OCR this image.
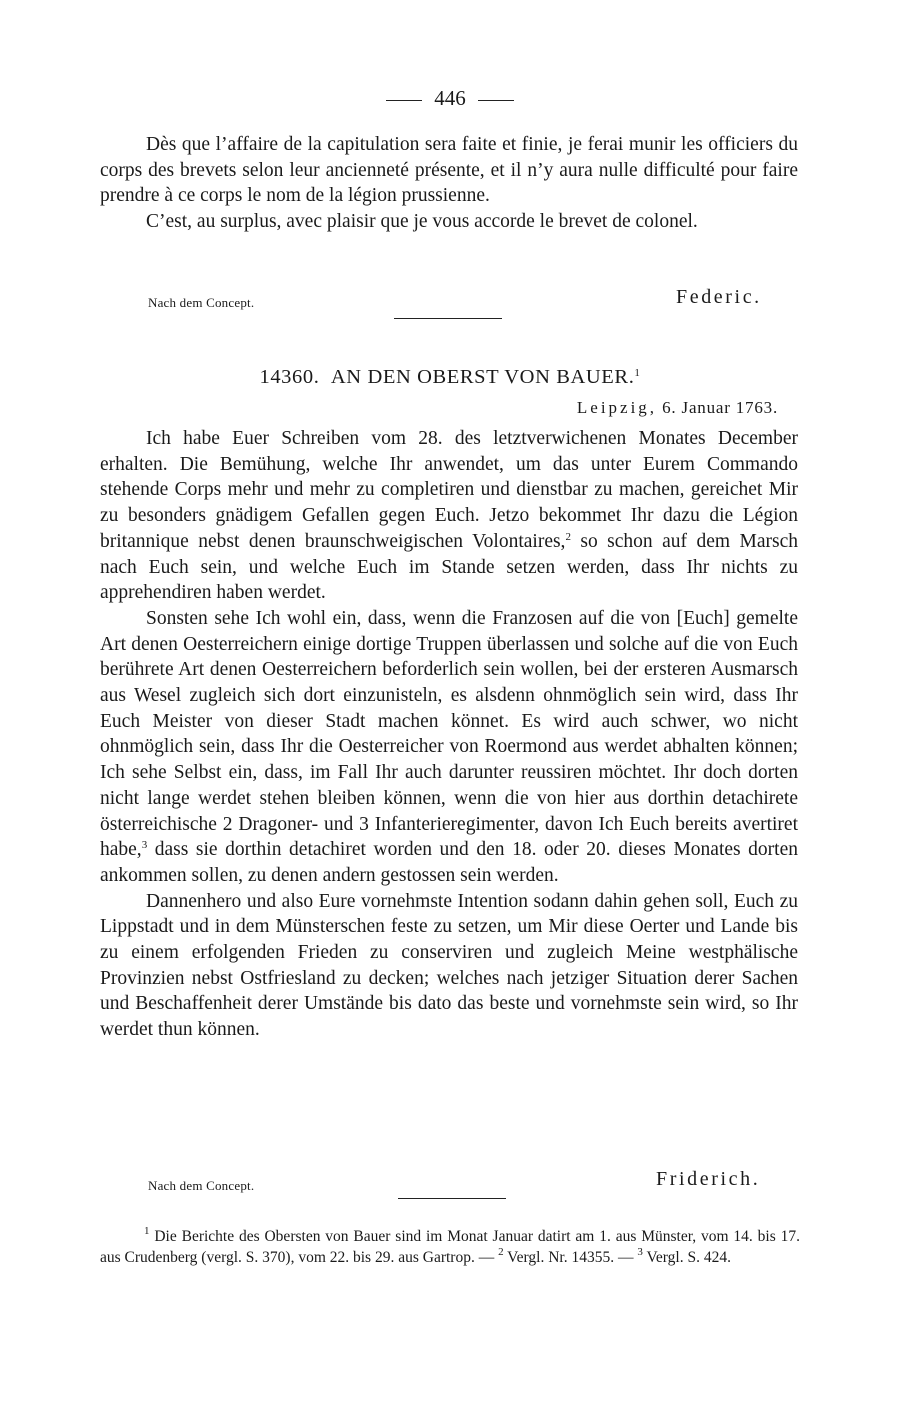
446

Dès que l’affaire de la capitulation sera faite et finie, je ferai munir les officiers du corps des brevets selon leur ancienneté présente, et il n’y aura nulle difficulté pour faire prendre à ce corps le nom de la légion prussienne.

C’est, au surplus, avec plaisir que je vous accorde le brevet de colonel.

Nach dem Concept.	Federic.
14360. AN DEN OBERST VON BAUER.$^1$
Leipzig, 6. Januar 1763.

Ich habe Euer Schreiben vom 28. des letztverwichenen Monates December erhalten. Die Bemühung, welche Ihr anwendet, um das unter Eurem Commando stehende Corps mehr und mehr zu completiren und dienstbar zu machen, gereichet Mir zu besonders gnädigem Gefallen gegen Euch. Jetzo bekommet Ihr dazu die Légion britannique nebst denen braunschweigischen Volontaires,$^2$ so schon auf dem Marsch nach Euch sein, und welche Euch im Stande setzen werden, dass Ihr nichts zu apprehendiren haben werdet.

Sonsten sehe Ich wohl ein, dass, wenn die Franzosen auf die von [Euch] gemelte Art denen Oesterreichern einige dortige Truppen überlassen und solche auf die von Euch berührete Art denen Oesterreichern beforderlich sein wollen, bei der ersteren Ausmarsch aus Wesel zugleich sich dort einzunisteln, es alsdenn ohnmöglich sein wird, dass Ihr Euch Meister von dieser Stadt machen könnet. Es wird auch schwer, wo nicht ohnmöglich sein, dass Ihr die Oesterreicher von Roermond aus werdet abhalten können; Ich sehe Selbst ein, dass, im Fall Ihr auch darunter reussiren möchtet. Ihr doch dorten nicht lange werdet stehen bleiben können, wenn die von hier aus dorthin detachirete österreichische 2 Dragoner- und 3 Infanterieregimenter, davon Ich Euch bereits avertiret habe,$^3$ dass sie dorthin detachiret worden und den 18. oder 20. dieses Monates dorten ankommen sollen, zu denen andern gestossen sein werden.

Dannenhero und also Eure vornehmste Intention sodann dahin gehen soll, Euch zu Lippstadt und in dem Münsterschen feste zu setzen, um Mir diese Oerter und Lande bis zu einem erfolgenden Frieden zu conserviren und zugleich Meine westphälische Provinzien nebst Ostfriesland zu decken; welches nach jetziger Situation derer Sachen und Beschaffenheit derer Umstände bis dato das beste und vornehmste sein wird, so Ihr werdet thun können.

Nach dem Concept.	Friderich.

$^1$ Die Berichte des Obersten von Bauer sind im Monat Januar datirt am 1. aus Münster, vom 14. bis 17. aus Crudenberg (vergl. S. 370), vom 22. bis 29. aus Gartrop. — $^2$ Vergl. Nr. 14355. — $^3$ Vergl. S. 424.
